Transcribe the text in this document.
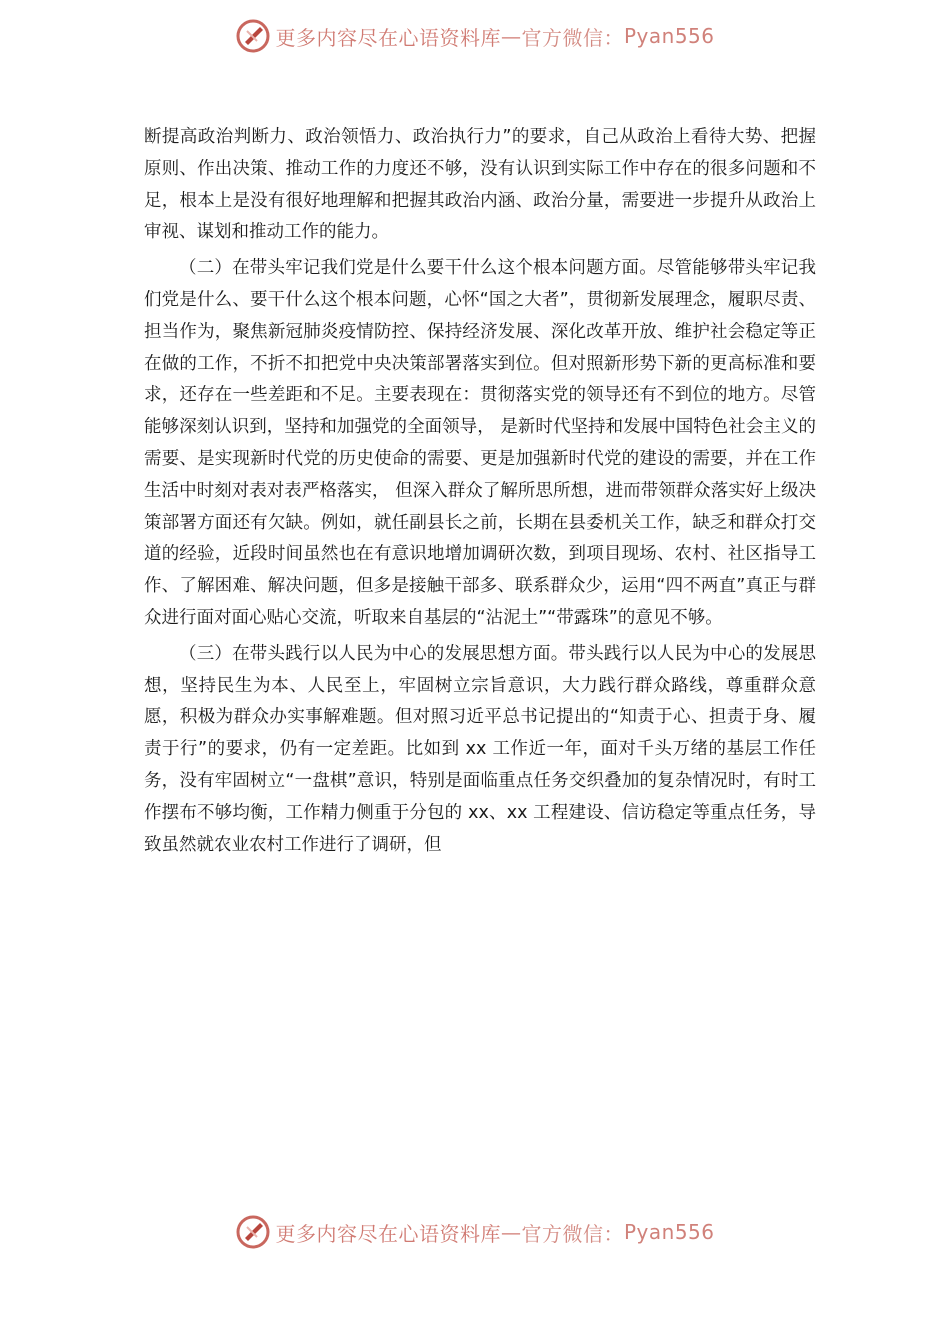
更多内容尽在心语资料库 — 官方微信： Pyan556

断提高政治判断力、政治领悟力、政治执行力”的要求，自己从政治上看待大势、把握原则、作出决策、推动工作的力度还不够，没有认识到实际工作中存在的很多问题和不足，根本上是没有很好地理解和把握其政治内涵、政治分量，需要进一步提升从政治上审视、谋划和推动工作的能力。

（二）在带头牢记我们党是什么要干什么这个根本问题方面。尽管能够带头牢记我们党是什么、要干什么这个根本问题，心怀“国之大者”，贯彻新发展理念，履职尽责、担当作为，聚焦新冠肺炎疫情防控、保持经济发展、深化改革开放、维护社会稳定等正在做的工作，不折不扣把党中央决策部署落实到位。但对照新形势下新的更高标准和要求，还存在一些差距和不足。主要表现在：贯彻落实党的领导还有不到位的地方。尽管能够深刻认识到，坚持和加强党的全面领导， 是新时代坚持和发展中国特色社会主义的需要、是实现新时代党的历史使命的需要、更是加强新时代党的建设的需要，并在工作生活中时刻对表对表严格落实， 但深入群众了解所思所想，进而带领群众落实好上级决策部署方面还有欠缺。例如，就任副县长之前，长期在县委机关工作，缺乏和群众打交道的经验，近段时间虽然也在有意识地增加调研次数，到项目现场、农村、社区指导工作、了解困难、解决问题，但多是接触干部多、联系群众少，运用“四不两直”真正与群众进行面对面心贴心交流，听取来自基层的“沾泥土”“带露珠”的意见不够。

（三）在带头践行以人民为中心的发展思想方面。带头践行以人民为中心的发展思想，坚持民生为本、人民至上，牢固树立宗旨意识，大力践行群众路线，尊重群众意愿，积极为群众办实事解难题。但对照习近平总书记提出的“知责于心、担责于身、履责于行”的要求，仍有一定差距。比如到 xx 工作近一年，面对千头万绪的基层工作任务，没有牢固树立“一盘棋”意识，特别是面临重点任务交织叠加的复杂情况时，有时工作摆布不够均衡，工作精力侧重于分包的 xx、xx 工程建设、信访稳定等重点任务，导致虽然就农业农村工作进行了调研，但

更多内容尽在心语资料库 — 官方微信： Pyan556
